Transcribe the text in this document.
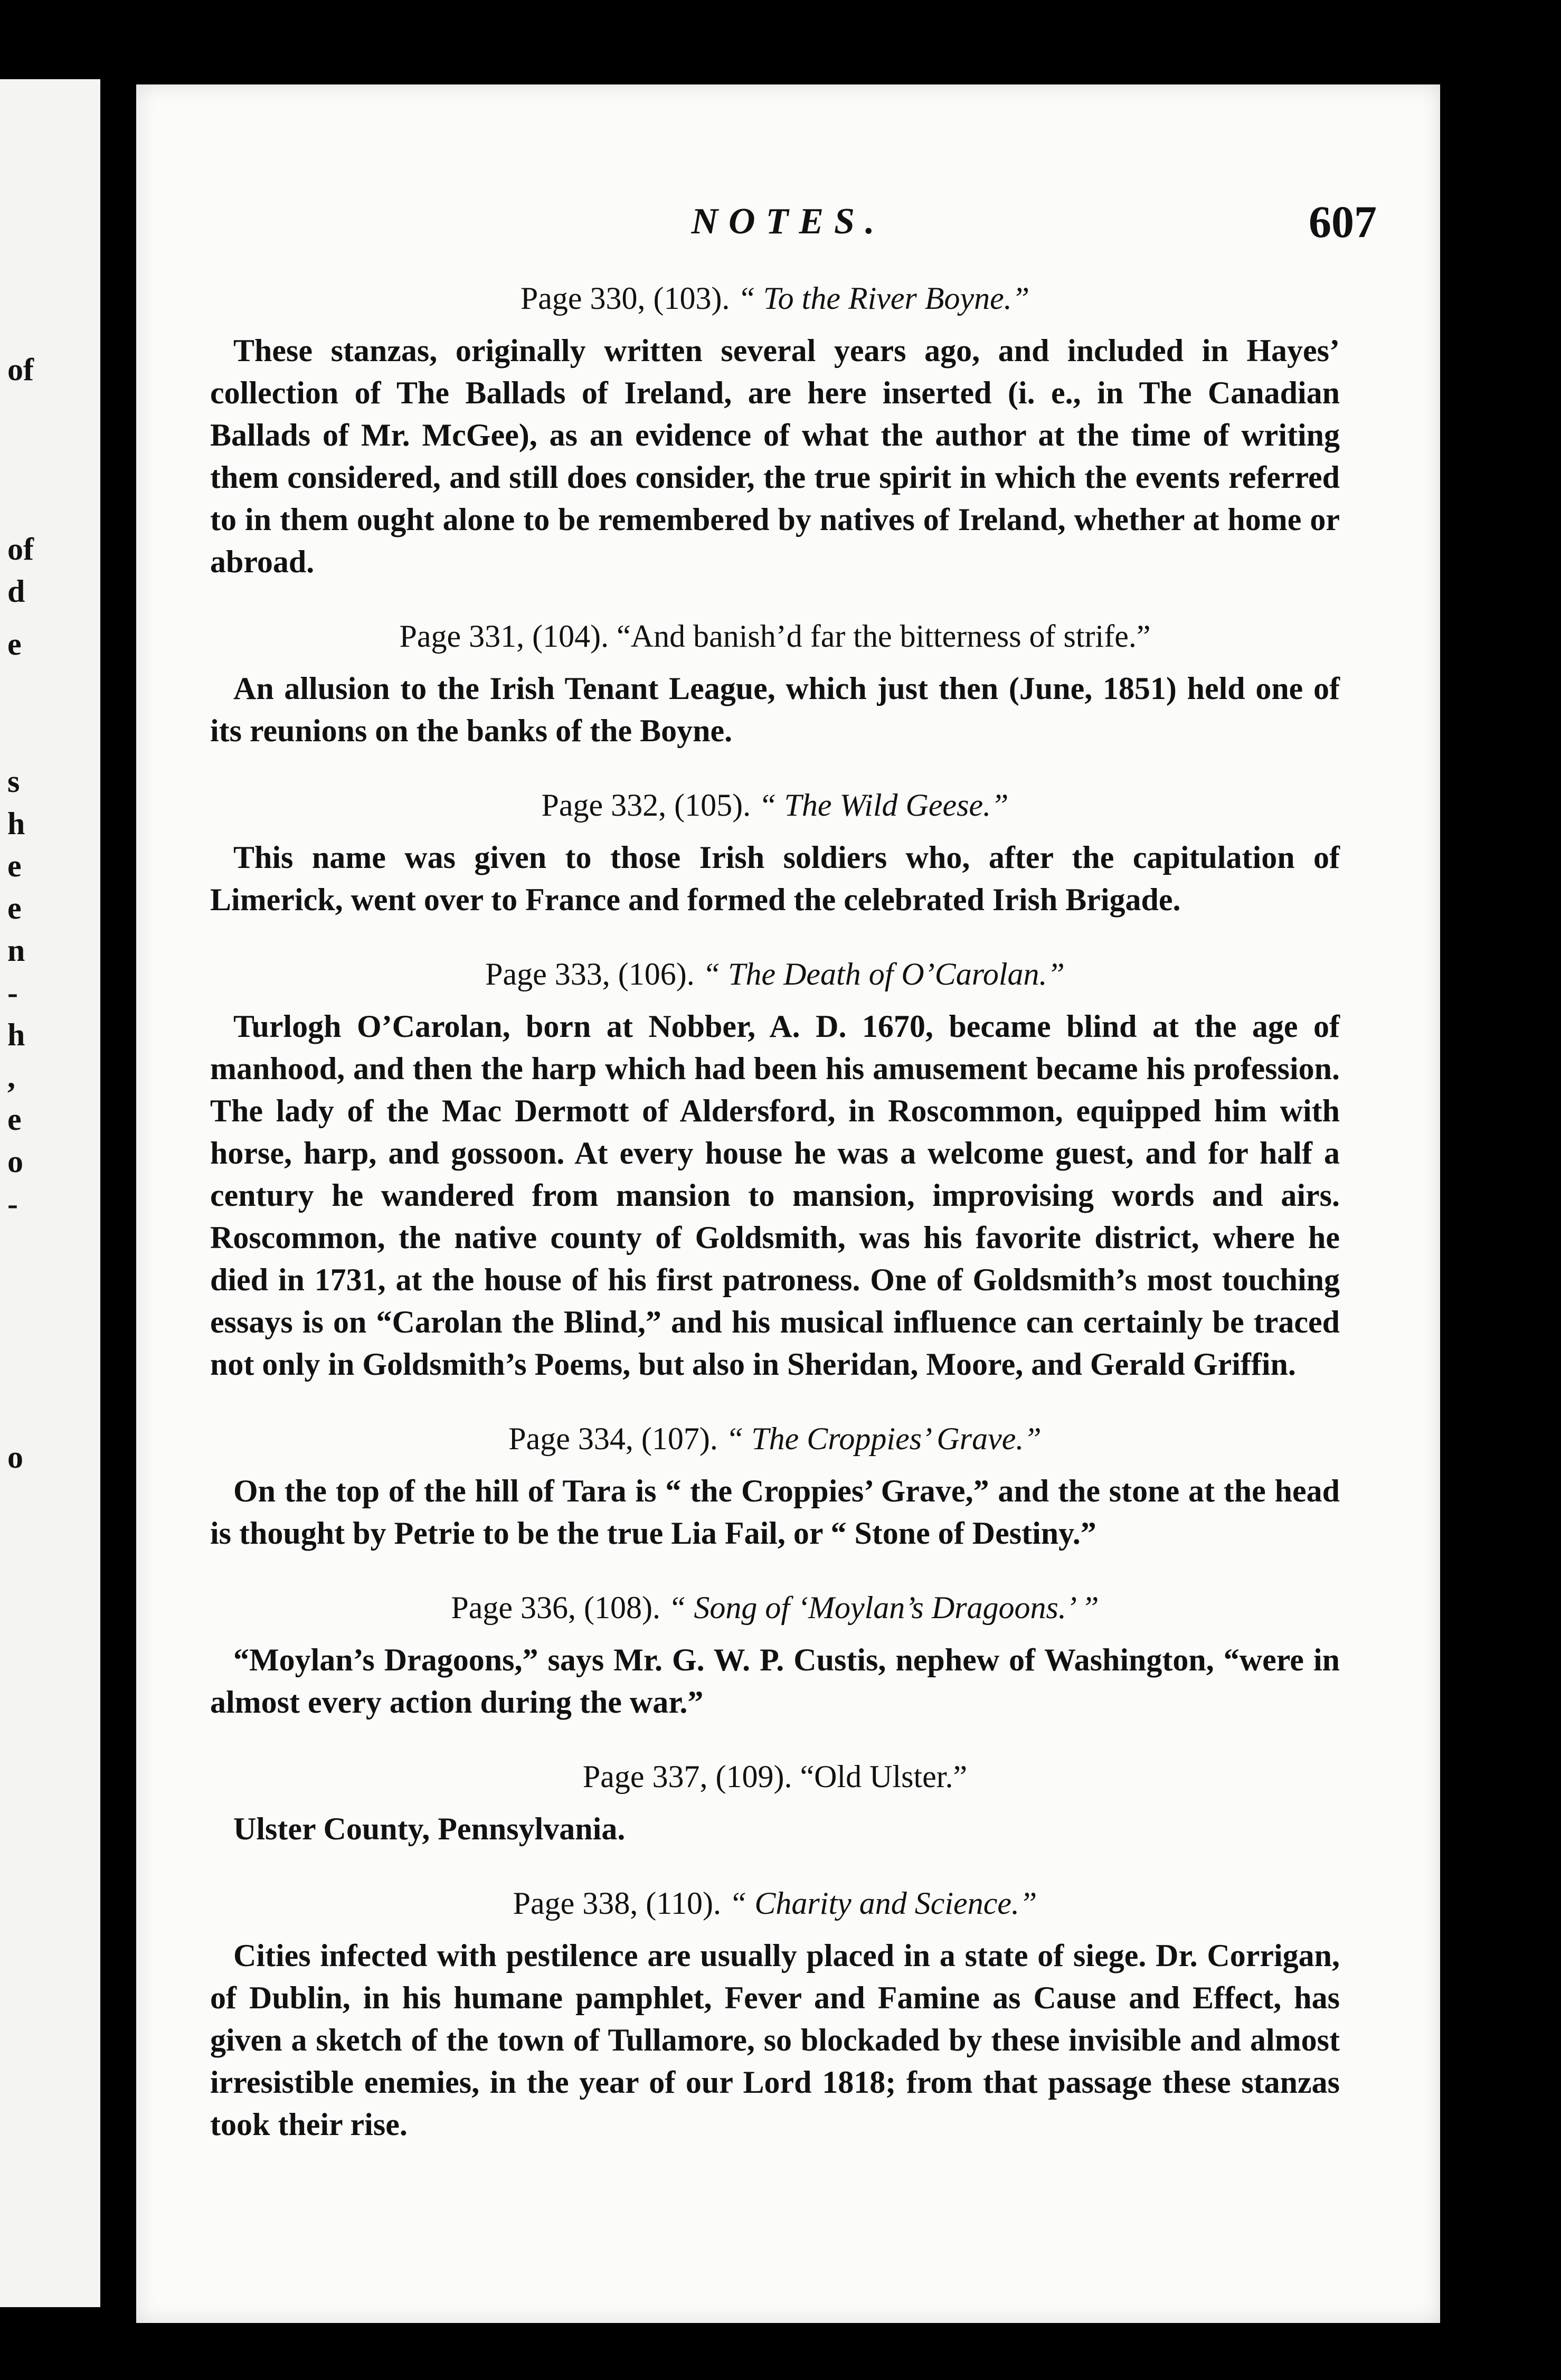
of
of
d
e
s
h
e
e
n
-
h
,
e
o
-
o
NOTES.	607
Page 330, (103). “ To the River Boyne.”

These stanzas, originally written several years ago, and included in Hayes’ collection of The Ballads of Ireland, are here inserted (i. e., in The Canadian Ballads of Mr. McGee), as an evidence of what the author at the time of writing them considered, and still does consider, the true spirit in which the events referred to in them ought alone to be remembered by natives of Ireland, whether at home or abroad.

Page 331, (104). “And banish’d far the bitterness of strife.”

An allusion to the Irish Tenant League, which just then (June, 1851) held one of its reunions on the banks of the Boyne.

Page 332, (105). “ The Wild Geese.”

This name was given to those Irish soldiers who, after the capitulation of Limerick, went over to France and formed the celebrated Irish Brigade.

Page 333, (106). “ The Death of O’Carolan.”

Turlogh O’Carolan, born at Nobber, A. D. 1670, became blind at the age of manhood, and then the harp which had been his amusement became his profession. The lady of the Mac Dermott of Aldersford, in Roscommon, equipped him with horse, harp, and gossoon. At every house he was a welcome guest, and for half a century he wandered from mansion to mansion, improvising words and airs. Roscommon, the native county of Goldsmith, was his favorite district, where he died in 1731, at the house of his first patroness. One of Goldsmith’s most touching essays is on “Carolan the Blind,” and his musical influence can certainly be traced not only in Goldsmith’s Poems, but also in Sheridan, Moore, and Gerald Griffin.

Page 334, (107). “ The Croppies’ Grave.”

On the top of the hill of Tara is “ the Croppies’ Grave,” and the stone at the head is thought by Petrie to be the true Lia Fail, or “ Stone of Destiny.”

Page 336, (108). “ Song of ‘Moylan’s Dragoons.’ ”

“Moylan’s Dragoons,” says Mr. G. W. P. Custis, nephew of Washington, “were in almost every action during the war.”

Page 337, (109). “Old Ulster.”

Ulster County, Pennsylvania.

Page 338, (110). “ Charity and Science.”

Cities infected with pestilence are usually placed in a state of siege. Dr. Corrigan, of Dublin, in his humane pamphlet, Fever and Famine as Cause and Effect, has given a sketch of the town of Tullamore, so blockaded by these invisible and almost irresistible enemies, in the year of our Lord 1818; from that passage these stanzas took their rise.
